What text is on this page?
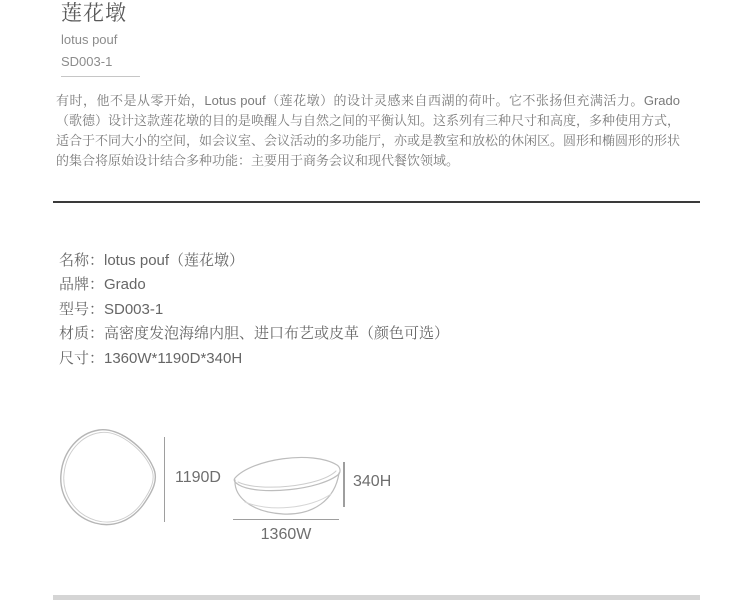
莲花墩
lotus pouf
SD003-1

有时，他不是从零开始，Lotus pouf（莲花墩）的设计灵感来自西湖的荷叶。它不张扬但充满活力。Grado（歌德）设计这款莲花墩的目的是唤醒人与自然之间的平衡认知。这系列有三种尺寸和高度，多种使用方式，适合于不同大小的空间，如会议室、会议活动的多功能厅，亦或是教室和放松的休闲区。圆形和椭圆形的形状的集合将原始设计结合多种功能：主要用于商务会议和现代餐饮领域。

名称：lotus pouf（莲花墩）
品牌：Grado
型号：SD003-1
材质：高密度发泡海绵内胆、进口布艺或皮革（颜色可选）
尺寸：1360W*1190D*340H
1190D	340H
1360W
